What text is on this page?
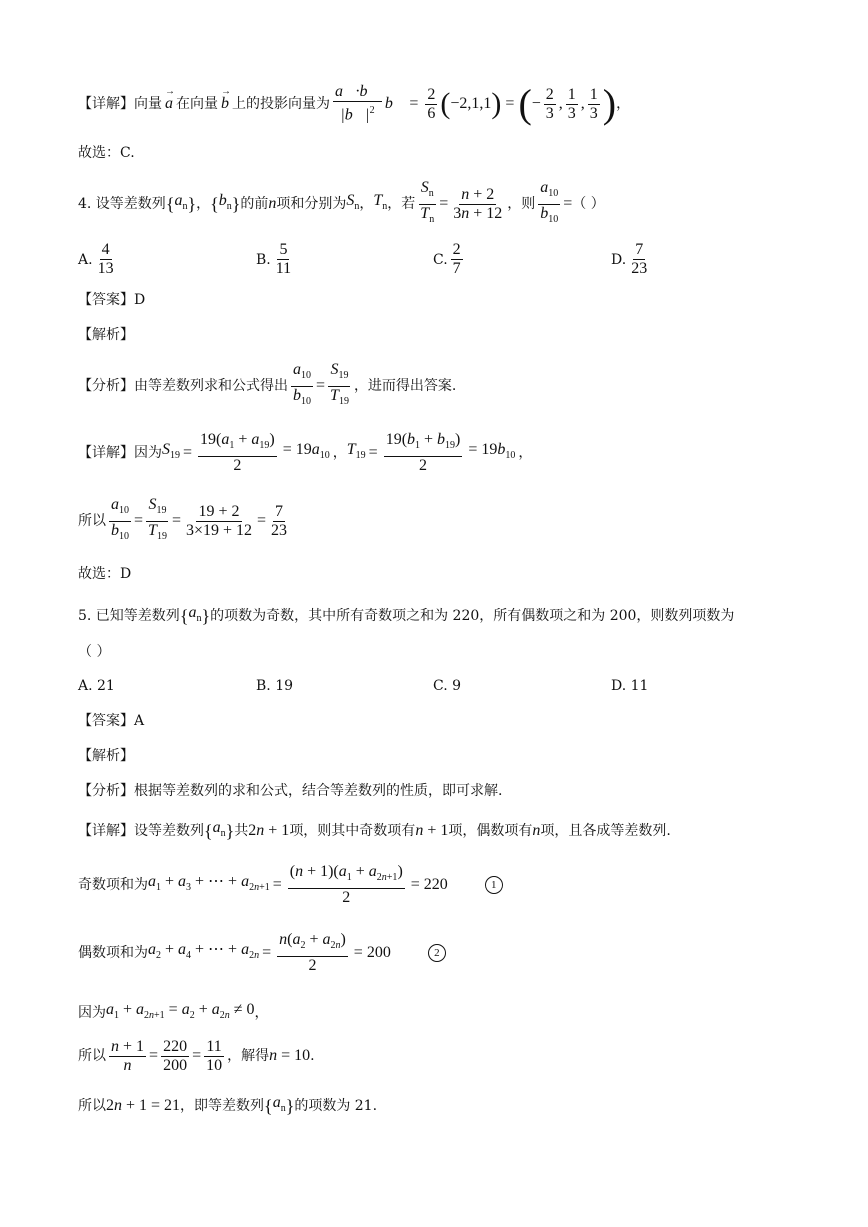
【详解】 向量
→
a 在向量
→
b 上的投影向量为 $\frac{a⃗\cdot b⃗}{|b⃗|^2}$ b⃗ = $\frac{2}{6}$ ( −2,1,1 ) = ( − $\frac{2}{3}$ , $\frac{1}{3}$ , $\frac{1}{3}$ ) ，
故选：C.
4. 设等差数列 { $a_n$ } ， { $b_n$ } 的前 n 项和分别为 $S_n$ ， $T_n$ ，若 $\frac{S_n}{T_n} = \frac{n + 2}{3n + 12}$ ，则 $\frac{a_{10}}{b_{10}}$ = （ ）
A. $\frac{4}{13}$	B. $\frac{5}{11}$	C. $\frac{2}{7}$	D. $\frac{7}{23}$
【答案】D
【解析】
【分析】 由等差数列求和公式得出 $\frac{a_{10}}{b_{10}} = \frac{S_{19}}{T_{19}}$ ，进而得出答案.
【详解】 因为 $S_{19} = \frac{19(a_1 + a_{19})}{2} = 19a_{10}$ ， $T_{19} = \frac{19(b_1 + b_{19})}{2} = 19b_{10}$ ，
所以 $\frac{a_{10}}{b_{10}} = \frac{S_{19}}{T_{19}} = \frac{19 + 2}{3\times 19 + 12} = \frac{7}{23}$
故选：D
5. 已知等差数列 { $a_n$ } 的项数为奇数，其中所有奇数项之和为 220，所有偶数项之和为 200，则数列项数为
（ ）
A. 21	B. 19	C. 9	D. 11
【答案】A
【解析】
【分析】根据等差数列的求和公式，结合等差数列的性质，即可求解.
【详解】 设等差数列 { $a_n$ } 共 2n + 1 项，则其中奇数项有 n + 1 项，偶数项有 n 项，且各成等差数列.
奇数项和为 $a_1 + a_3$ + ⋯ + $a_{2n+1} = \frac{(n + 1)(a_1 + a_{2n+1})}{2} = 220$	1
偶数项和为 $a_2 + a_4$ + ⋯ + $a_{2n} = \frac{n(a_2 + a_{2n})}{2} = 200$	2
因为 $a_1 + a_{2n+1} = a_2 + a_{2n} \ne 0$ ，
所以 $\frac{n + 1}{n} = \frac{220}{200} = \frac{11}{10}$ ，解得 n = 10 .
所以 2n + 1 = 21 ，即等差数列 { $a_n$ } 的项数为 21.
